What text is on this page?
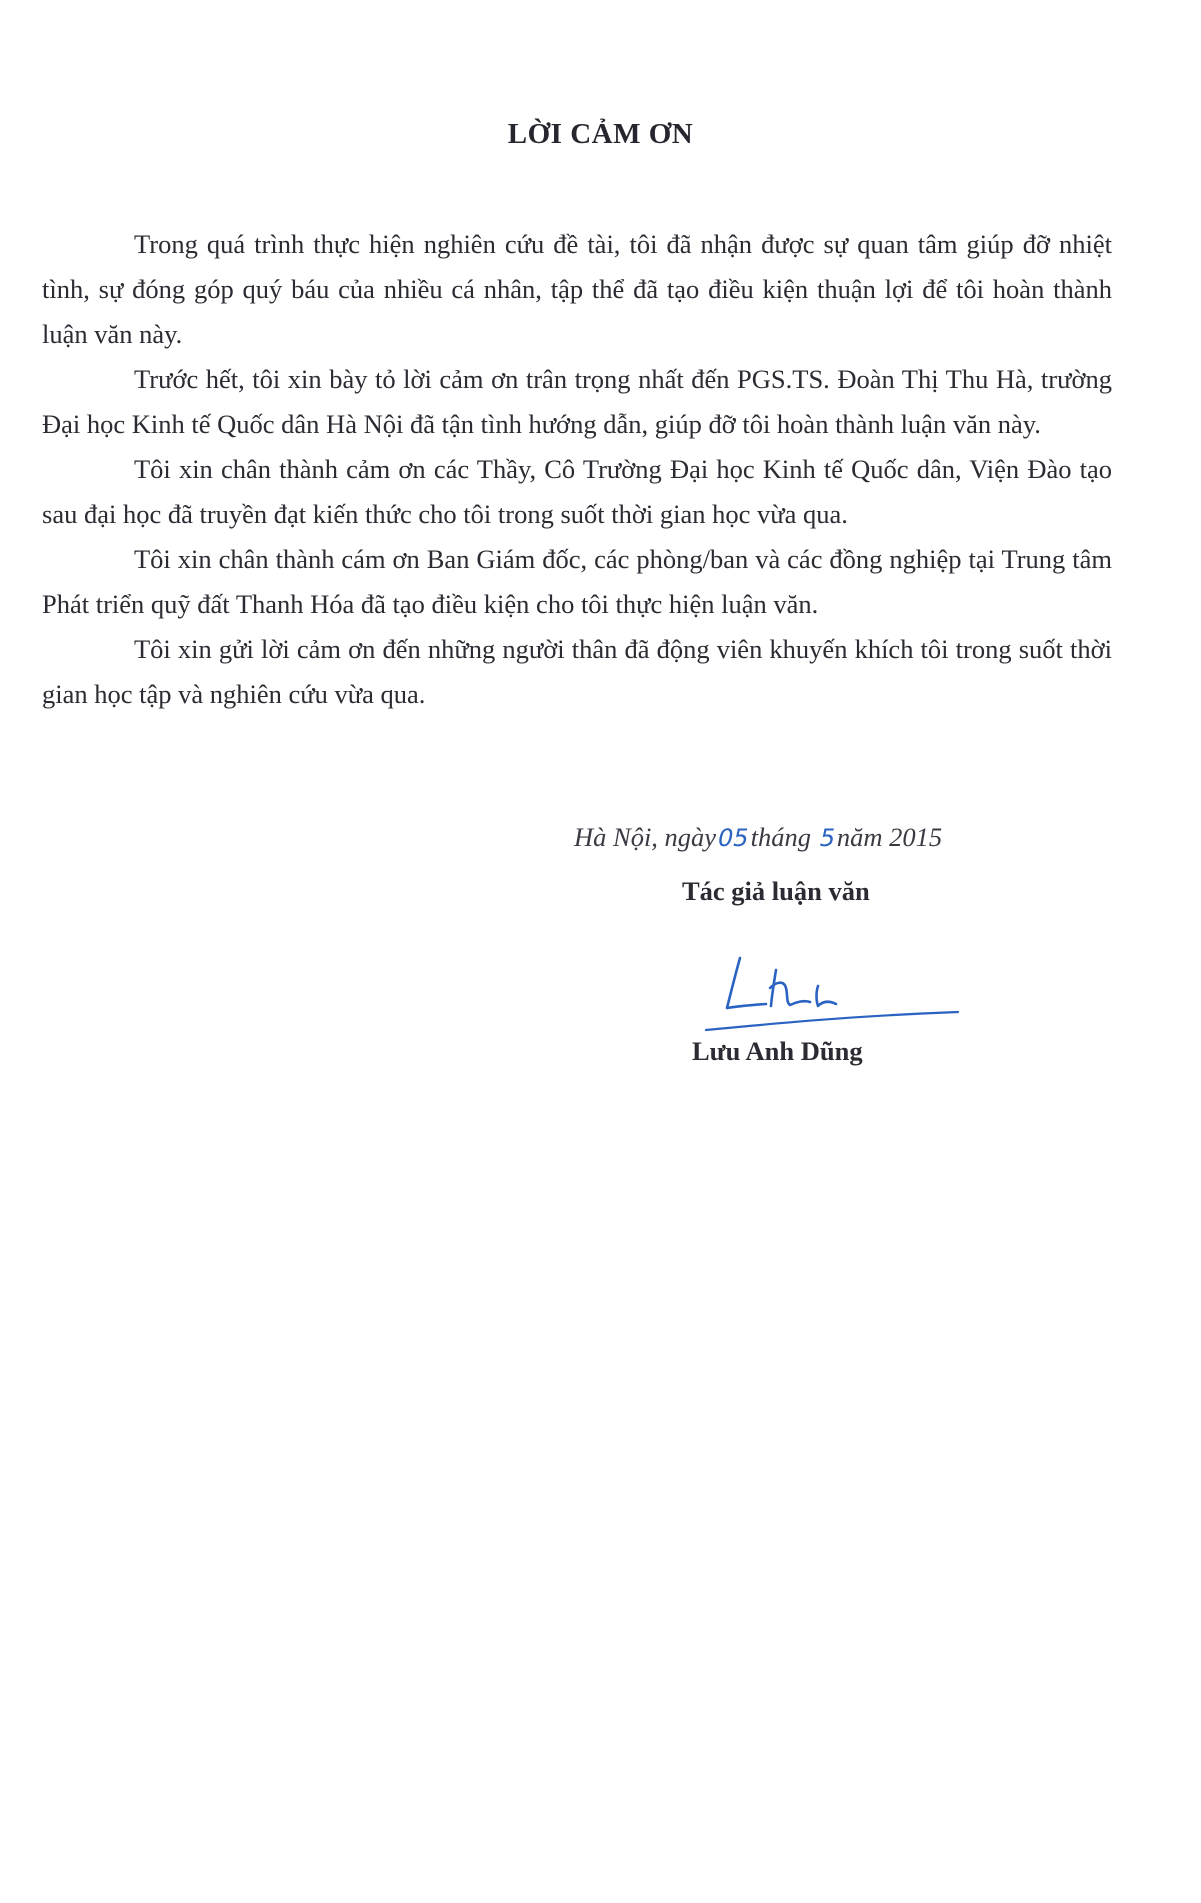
LỜI CẢM ƠN

Trong quá trình thực hiện nghiên cứu đề tài, tôi đã nhận được sự quan tâm giúp đỡ nhiệt tình, sự đóng góp quý báu của nhiều cá nhân, tập thể đã tạo điều kiện thuận lợi để tôi hoàn thành luận văn này.

Trước hết, tôi xin bày tỏ lời cảm ơn trân trọng nhất đến PGS.TS. Đoàn Thị Thu Hà, trường Đại học Kinh tế Quốc dân Hà Nội đã tận tình hướng dẫn, giúp đỡ tôi hoàn thành luận văn này.

Tôi xin chân thành cảm ơn các Thầy, Cô Trường Đại học Kinh tế Quốc dân, Viện Đào tạo sau đại học đã truyền đạt kiến thức cho tôi trong suốt thời gian học vừa qua.

Tôi xin chân thành cám ơn Ban Giám đốc, các phòng/ban và các đồng nghiệp tại Trung tâm Phát triển quỹ đất Thanh Hóa đã tạo điều kiện cho tôi thực hiện luận văn.

Tôi xin gửi lời cảm ơn đến những người thân đã động viên khuyến khích tôi trong suốt thời gian học tập và nghiên cứu vừa qua.

Hà Nội, ngày05tháng 5năm 2015
Tác giả luận văn
Lưu Anh Dũng
